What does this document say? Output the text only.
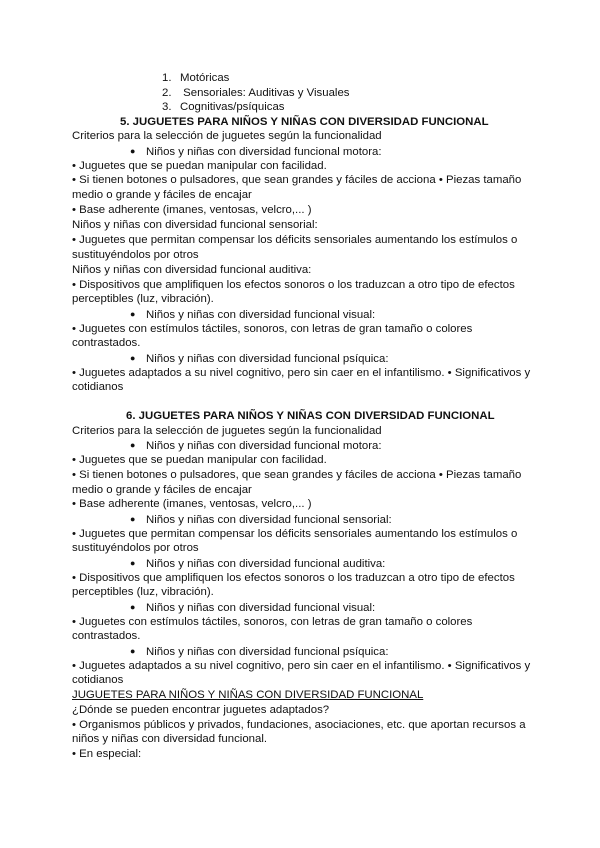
1. Motóricas
2. Sensoriales: Auditivas y Visuales
3. Cognitivas/psíquicas
5. JUGUETES PARA NIÑOS Y NIÑAS CON DIVERSIDAD FUNCIONAL
Criterios para la selección de juguetes según la funcionalidad
● Niños y niñas con diversidad funcional motora:
• Juguetes que se puedan manipular con facilidad.
• Si tienen botones o pulsadores, que sean grandes y fáciles de acciona • Piezas tamaño
medio o grande y fáciles de encajar
• Base adherente (imanes, ventosas, velcro,... )
Niños y niñas con diversidad funcional sensorial:
• Juguetes que permitan compensar los déficits sensoriales aumentando los estímulos o
sustituyéndolos por otros
Niños y niñas con diversidad funcional auditiva:
• Dispositivos que amplifiquen los efectos sonoros o los traduzcan a otro tipo de efectos
perceptibles (luz, vibración).
● Niños y niñas con diversidad funcional visual:
• Juguetes con estímulos táctiles, sonoros, con letras de gran tamaño o colores
contrastados.
● Niños y niñas con diversidad funcional psíquica:
• Juguetes adaptados a su nivel cognitivo, pero sin caer en el infantilismo. • Significativos y
cotidianos
6. JUGUETES PARA NIÑOS Y NIÑAS CON DIVERSIDAD FUNCIONAL
Criterios para la selección de juguetes según la funcionalidad
● Niños y niñas con diversidad funcional motora:
• Juguetes que se puedan manipular con facilidad.
• Si tienen botones o pulsadores, que sean grandes y fáciles de acciona • Piezas tamaño
medio o grande y fáciles de encajar
• Base adherente (imanes, ventosas, velcro,... )
● Niños y niñas con diversidad funcional sensorial:
• Juguetes que permitan compensar los déficits sensoriales aumentando los estímulos o
sustituyéndolos por otros
● Niños y niñas con diversidad funcional auditiva:
• Dispositivos que amplifiquen los efectos sonoros o los traduzcan a otro tipo de efectos
perceptibles (luz, vibración).
● Niños y niñas con diversidad funcional visual:
• Juguetes con estímulos táctiles, sonoros, con letras de gran tamaño o colores
contrastados.
● Niños y niñas con diversidad funcional psíquica:
• Juguetes adaptados a su nivel cognitivo, pero sin caer en el infantilismo. • Significativos y
cotidianos
JUGUETES PARA NIÑOS Y NIÑAS CON DIVERSIDAD FUNCIONAL
¿Dónde se pueden encontrar juguetes adaptados?
• Organismos públicos y privados, fundaciones, asociaciones, etc. que aportan recursos a
niños y niñas con diversidad funcional.
• En especial:
